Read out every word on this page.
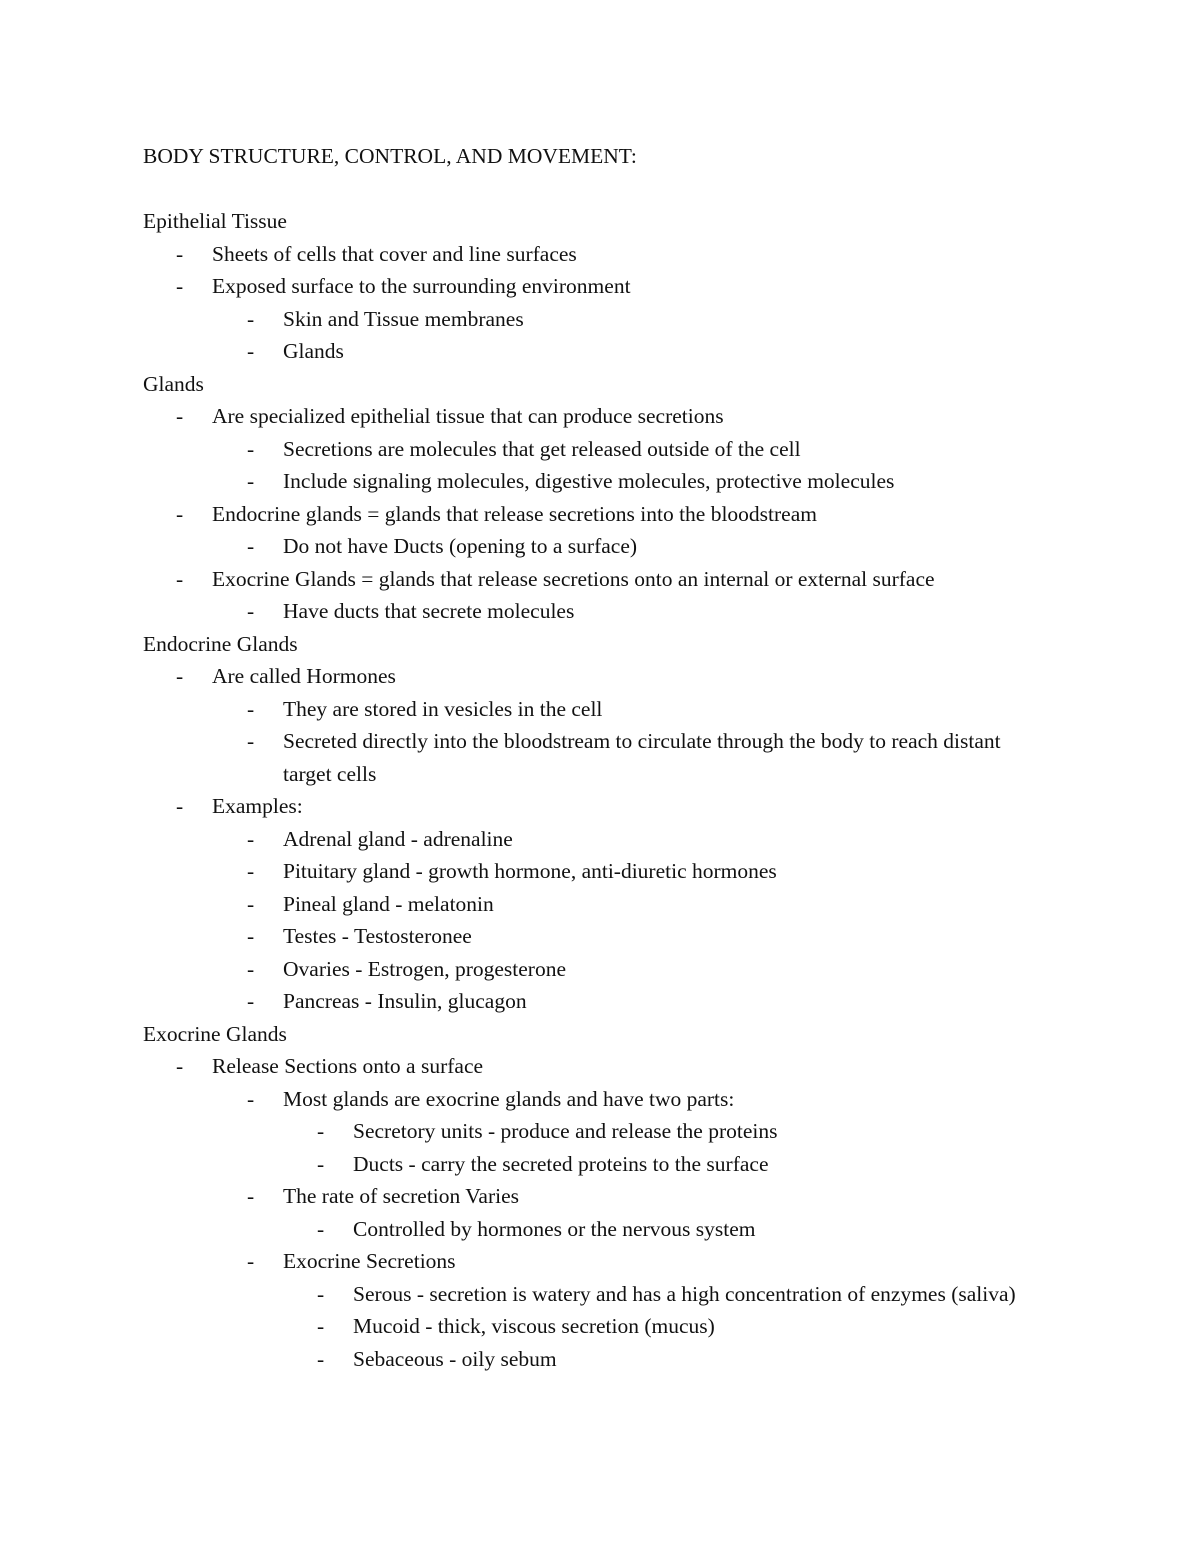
BODY STRUCTURE, CONTROL, AND MOVEMENT:

Epithelial Tissue

- Sheets of cells that cover and line surfaces
- Exposed surface to the surrounding environment
- Skin and Tissue membranes
- Glands

Glands

- Are specialized epithelial tissue that can produce secretions
- Secretions are molecules that get released outside of the cell
- Include signaling molecules, digestive molecules, protective molecules
- Endocrine glands = glands that release secretions into the bloodstream
- Do not have Ducts (opening to a surface)
- Exocrine Glands = glands that release secretions onto an internal or external surface
- Have ducts that secrete molecules

Endocrine Glands

- Are called Hormones
- They are stored in vesicles in the cell
- Secreted directly into the bloodstream to circulate through the body to reach distant target cells
- Examples:
- Adrenal gland - adrenaline
- Pituitary gland - growth hormone, anti-diuretic hormones
- Pineal gland - melatonin
- Testes - Testosteronee
- Ovaries - Estrogen, progesterone
- Pancreas - Insulin, glucagon

Exocrine Glands

- Release Sections onto a surface
- Most glands are exocrine glands and have two parts:
- Secretory units - produce and release the proteins
- Ducts - carry the secreted proteins to the surface
- The rate of secretion Varies
- Controlled by hormones or the nervous system
- Exocrine Secretions
- Serous - secretion is watery and has a high concentration of enzymes (saliva)
- Mucoid - thick, viscous secretion (mucus)
- Sebaceous - oily sebum
